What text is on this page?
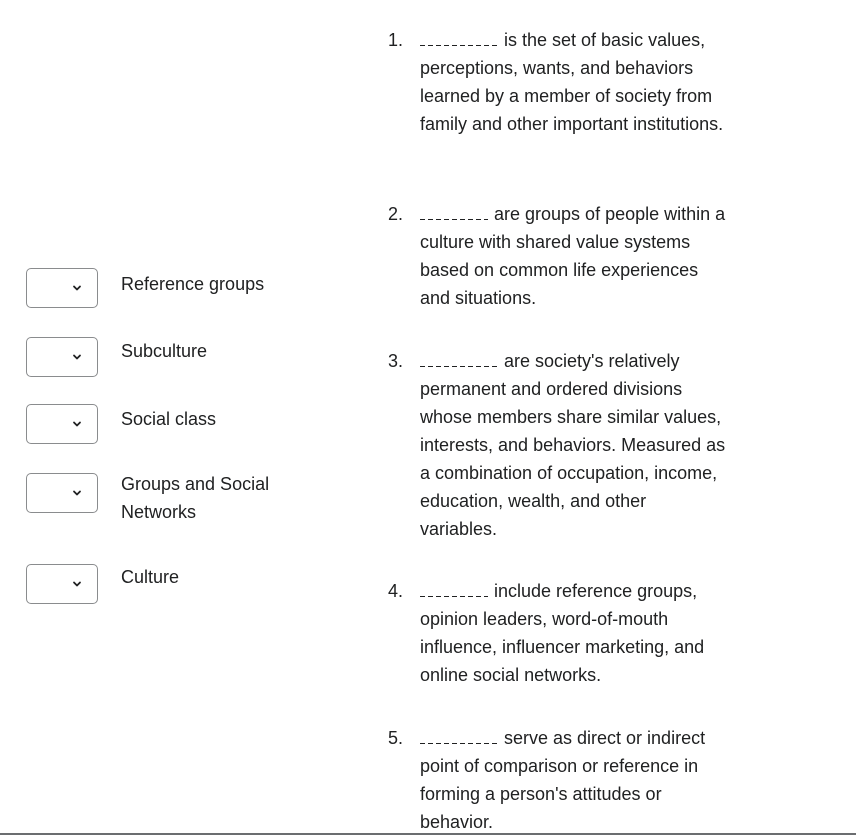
Reference groups
Subculture
Social class
Groups and Social Networks
Culture
1.	is the set of basic values, perceptions, wants, and behaviors learned by a member of society from family and other important institutions.
2.	are groups of people within a culture with shared value systems based on common life experiences and situations.
3.	are society's relatively permanent and ordered divisions whose members share similar values, interests, and behaviors. Measured as a combination of occupation, income, education, wealth, and other variables.
4.	include reference groups, opinion leaders, word-of-mouth influence, influencer marketing, and online social networks.
5.	serve as direct or indirect point of comparison or reference in forming a person's attitudes or behavior.
